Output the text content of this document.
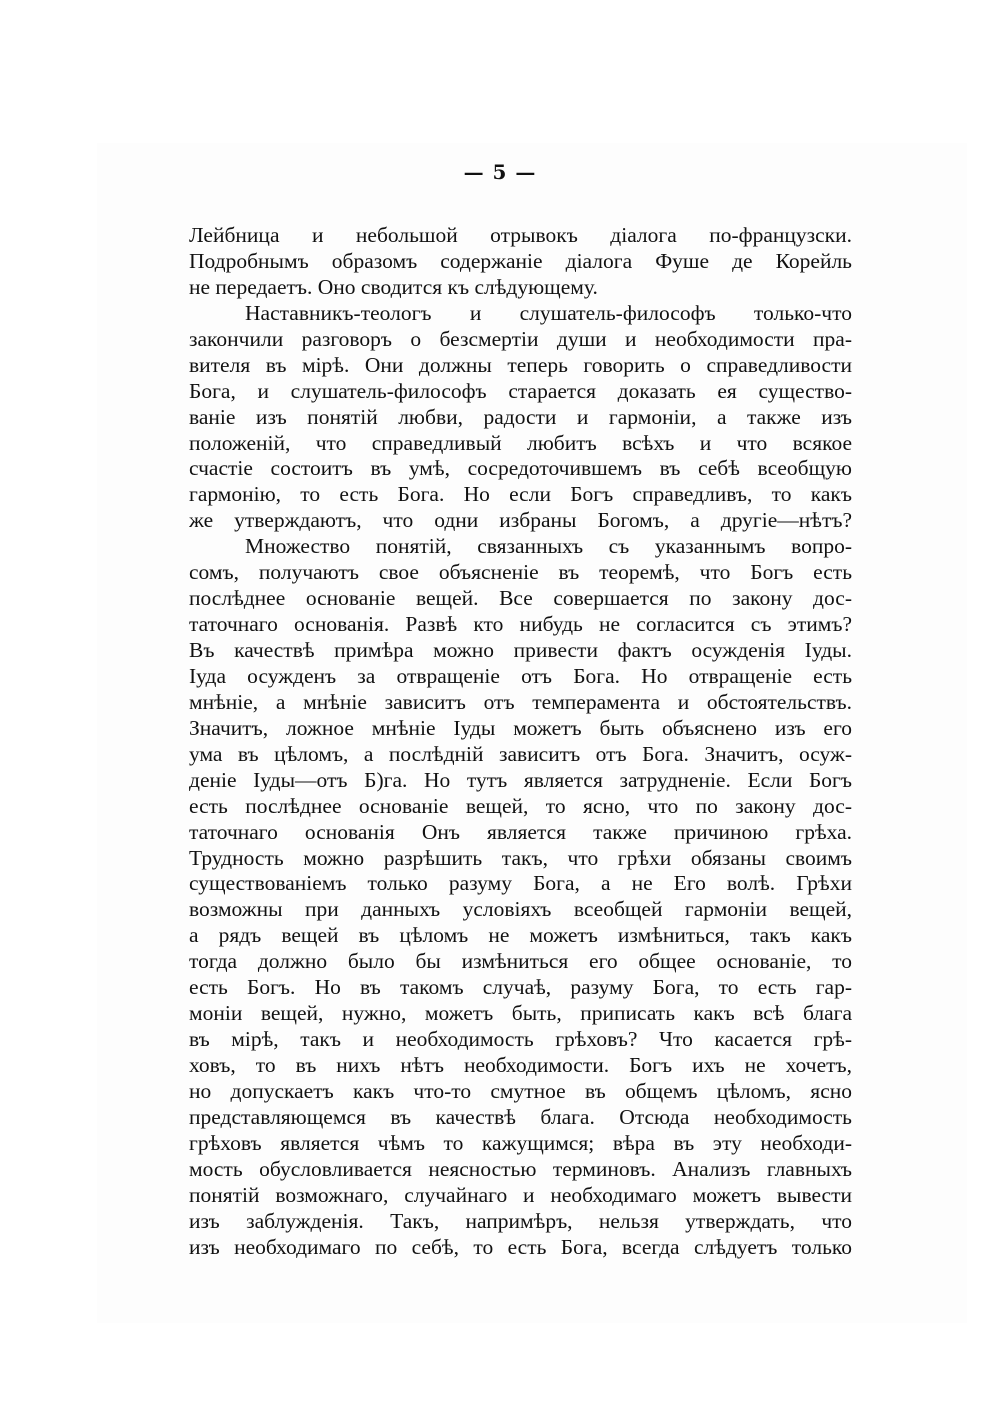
— 5 —
Лейбница и небольшой отрывокъ діалога по-французски.
Подробнымъ образомъ содержаніе діалога Фуше де Корейль
не передаетъ. Оно сводится къ слѣдующему.
Наставникъ-теологъ и слушатель-философъ только-что
закончили разговоръ о безсмертіи души и необходимости пра-
вителя въ мірѣ. Они должны теперь говорить о справедливости
Бога, и слушатель-философъ старается доказать ея существо-
ваніе изъ понятій любви, радости и гармоніи, а также изъ
положеній, что справедливый любитъ всѣхъ и что всякое
счастіе состоитъ въ умѣ, сосредоточившемъ въ себѣ всеобщую
гармонію, то есть Бога. Но если Богъ справедливъ, то какъ
же утверждаютъ, что одни избраны Богомъ, а другіе—нѣтъ?
Множество понятій, связанныхъ съ указаннымъ вопро-
сомъ, получаютъ свое объясненіе въ теоремѣ, что Богъ есть
послѣднее основаніе вещей. Все совершается по закону дос-
таточнаго основанія. Развѣ кто нибудь не согласится съ этимъ?
Въ качествѣ примѣра можно привести фактъ осужденія Іуды.
Іуда осужденъ за отвращеніе отъ Бога. Но отвращеніе есть
мнѣніе, а мнѣніе зависитъ отъ темперамента и обстоятельствъ.
Значитъ, ложное мнѣніе Іуды можетъ быть объяснено изъ его
ума въ цѣломъ, а послѣдній зависитъ отъ Бога. Значитъ, осуж-
деніе Іуды—отъ Б)га. Но тутъ является затрудненіе. Если Богъ
есть послѣднее основаніе вещей, то ясно, что по закону дос-
таточнаго основанія Онъ является также причиною грѣха.
Трудность можно разрѣшить такъ, что грѣхи обязаны своимъ
существованіемъ только разуму Бога, а не Его волѣ. Грѣхи
возможны при данныхъ условіяхъ всеобщей гармоніи вещей,
а рядъ вещей въ цѣломъ не можетъ измѣниться, такъ какъ
тогда должно было бы измѣниться его общее основаніе, то
есть Богъ. Но въ такомъ случаѣ, разуму Бога, то есть гар-
моніи вещей, нужно, можетъ быть, приписать какъ всѣ блага
въ мірѣ, такъ и необходимость грѣховъ? Что касается грѣ-
ховъ, то въ нихъ нѣтъ необходимости. Богъ ихъ не хочетъ,
но допускаетъ какъ что-то смутное въ общемъ цѣломъ, ясно
представляющемся въ качествѣ блага. Отсюда необходимость
грѣховъ является чѣмъ то кажущимся; вѣра въ эту необходи-
мость обусловливается неясностью терминовъ. Анализъ главныхъ
понятій возможнаго, случайнаго и необходимаго можетъ вывести
изъ заблужденія. Такъ, напримѣръ, нельзя утверждать, что
изъ необходимаго по себѣ, то есть Бога, всегда слѣдуетъ только
